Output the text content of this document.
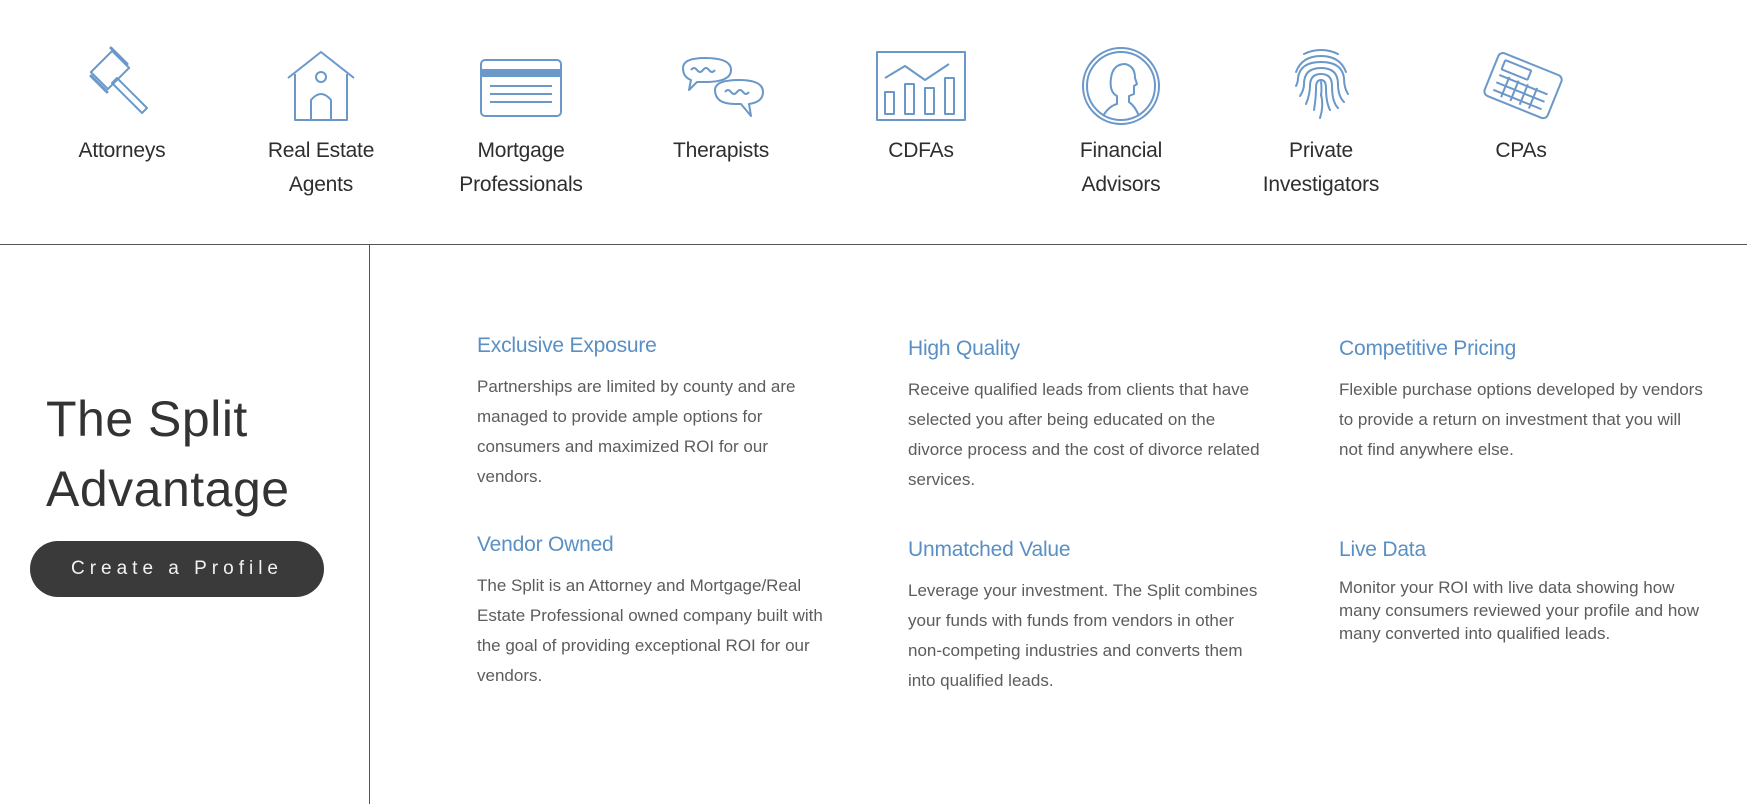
Attorneys	Real Estate
Agents
Mortgage
Professionals
Therapists	CDFAs	Financial
Advisors
Private
Investigators
CPAs
The Split
Advantage
Create a Profile
Exclusive Exposure

Partnerships are limited by county and are managed to provide ample options for consumers and maximized ROI for our vendors.

High Quality

Receive qualified leads from clients that have selected you after being educated on the divorce process and the cost of divorce related services.

Competitive Pricing

Flexible purchase options developed by vendors to provide a return on investment that you will not find anywhere else.

Vendor Owned

The Split is an Attorney and Mortgage/Real Estate Professional owned company built with the goal of providing exceptional ROI for our vendors.

Unmatched Value

Leverage your investment. The Split combines your funds with funds from vendors in other non-competing industries and converts them into qualified leads.

Live Data

Monitor your ROI with live data showing how many consumers reviewed your profile and how many converted into qualified leads.
